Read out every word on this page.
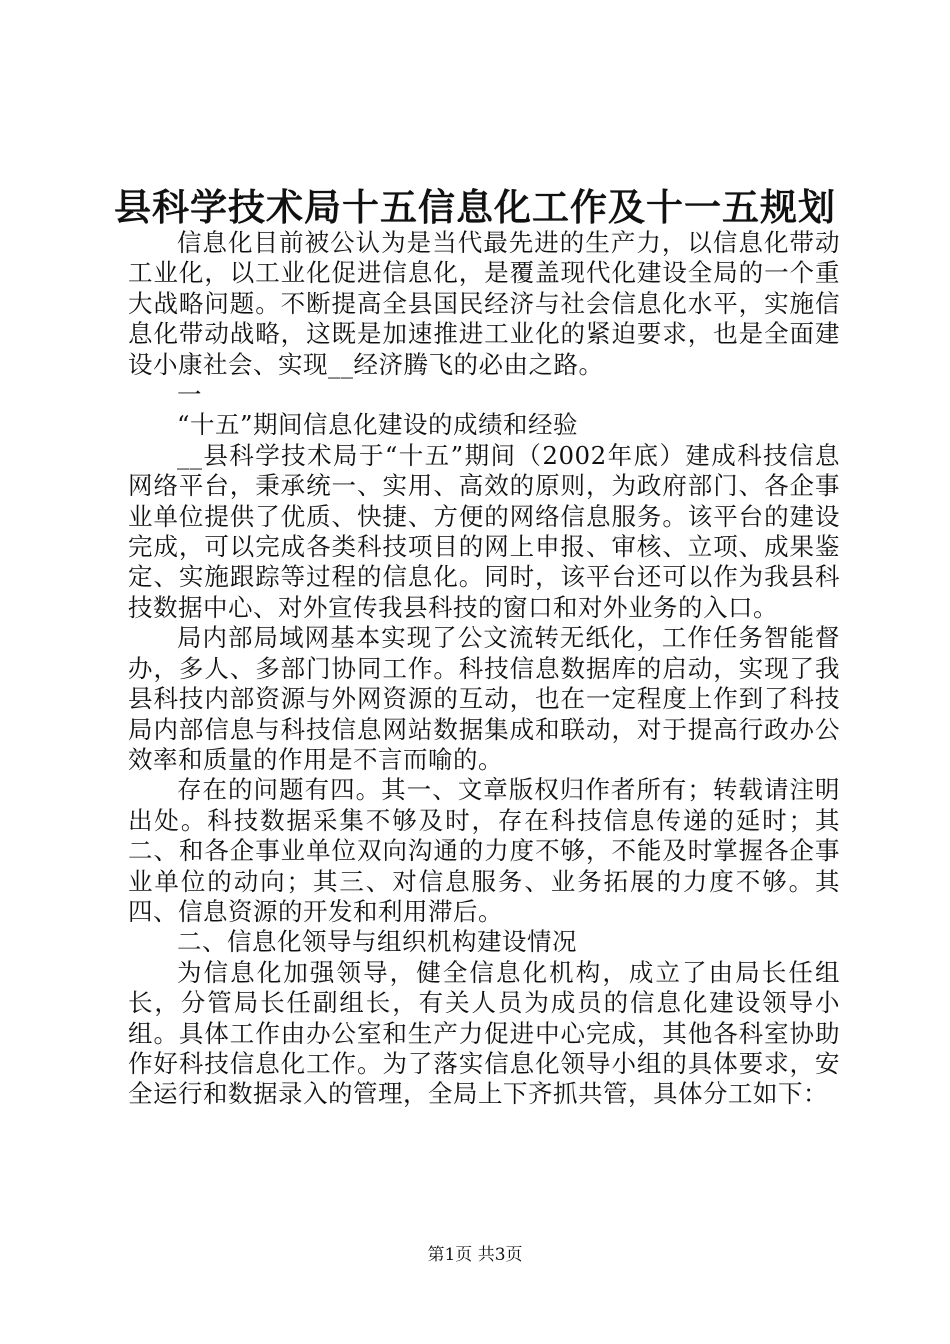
县科学技术局十五信息化工作及十一五规划

信息化目前被公认为是当代最先进的生产力，以信息化带动工业化，以工业化促进信息化，是覆盖现代化建设全局的一个重大战略问题。不断提高全县国民经济与社会信息化水平，实施信息化带动战略，这既是加速推进工业化的紧迫要求，也是全面建设小康社会、实现__经济腾飞的必由之路。

一

“十五”期间信息化建设的成绩和经验

__县科学技术局于“十五”期间（2002年底）建成科技信息网络平台，秉承统一、实用、高效的原则，为政府部门、各企事业单位提供了优质、快捷、方便的网络信息服务。该平台的建设完成，可以完成各类科技项目的网上申报、审核、立项、成果鉴定、实施跟踪等过程的信息化。同时，该平台还可以作为我县科技数据中心、对外宣传我县科技的窗口和对外业务的入口。

局内部局域网基本实现了公文流转无纸化，工作任务智能督办，多人、多部门协同工作。科技信息数据库的启动，实现了我县科技内部资源与外网资源的互动，也在一定程度上作到了科技局内部信息与科技信息网站数据集成和联动，对于提高行政办公效率和质量的作用是不言而喻的。

存在的问题有四。其一、文章版权归作者所有；转载请注明出处。科技数据采集不够及时，存在科技信息传递的延时；其二、和各企事业单位双向沟通的力度不够，不能及时掌握各企事业单位的动向；其三、对信息服务、业务拓展的力度不够。其四、信息资源的开发和利用滞后。

二、信息化领导与组织机构建设情况

为信息化加强领导，健全信息化机构，成立了由局长任组长，分管局长任副组长，有关人员为成员的信息化建设领导小组。具体工作由办公室和生产力促进中心完成，其他各科室协助作好科技信息化工作。为了落实信息化领导小组的具体要求，安全运行和数据录入的管理，全局上下齐抓共管，具体分工如下：

第1页 共3页
